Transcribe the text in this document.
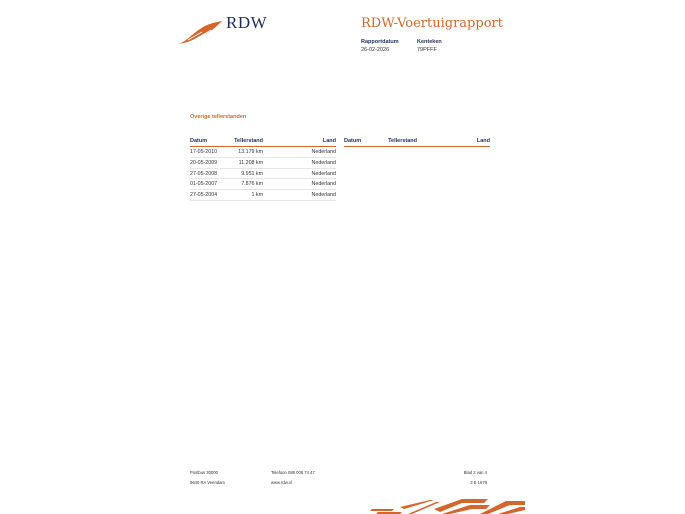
RDW	RDW-Voertuigrapport
Rapportdatum
26-02-2026
Kenteken
79PFFF
Overige tellerstanden
Datum	Tellerstand	Land
17-05-2010	13.179 km	Nederland
20-05-2009	11.208 km	Nederland
27-05-2008	9.951 km	Nederland
01-05-2007	7.876 km	Nederland
27-05-2004	1 km	Nederland
Datum	Tellerstand	Land
Postbus 30000
9640 RA Veendam
Telefoon 088 008 74 47
www.rdw.nl
Blad 2 van 4
3 E 1679
